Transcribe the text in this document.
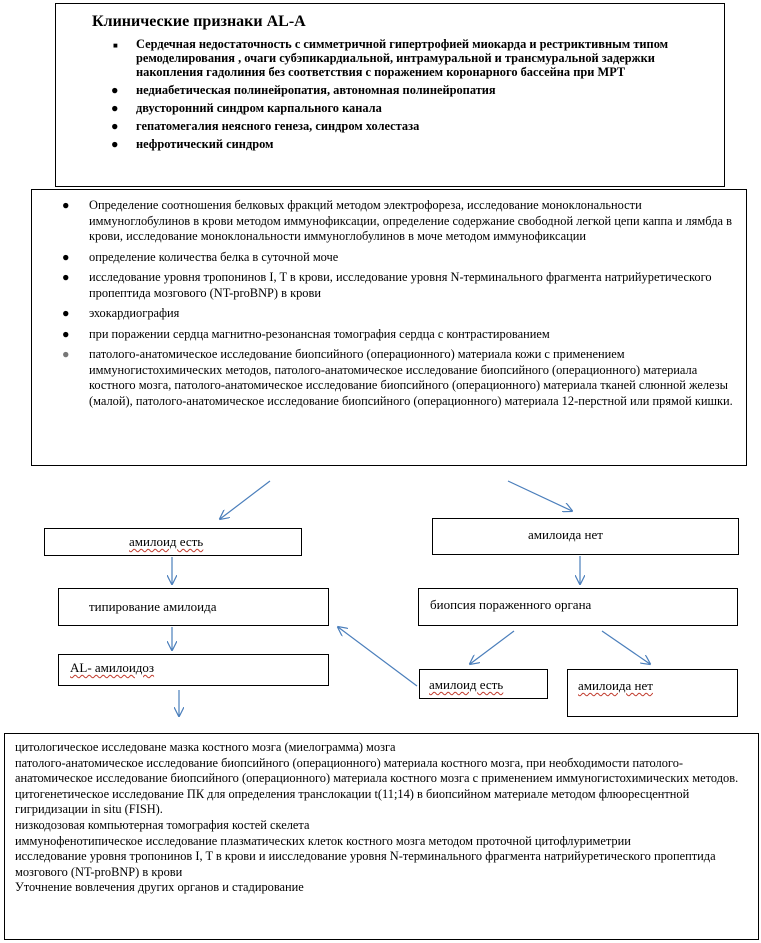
Клинические признаки AL-A
■ Сердечная недостаточность с симметричной гипертрофией миокарда и рестриктивным типом ремоделирования , очаги субэпикардиальной, интрамуральной и трансмуральной задержки накопления гадолиния без соответствия с поражением коронарного бассейна при МРТ
● недиабетическая полинейропатия, автономная полинейропатия
● двусторонний синдром карпального канала
● гепатомегалия неясного генеза, синдром холестаза
● нефротический синдром
● Определение соотношения белковых фракций методом электрофореза, исследование моноклональности иммуноглобулинов в крови методом иммунофиксации, определение содержание свободной легкой цепи каппа и лямбда в крови, исследование моноклональности иммуноглобулинов в моче методом иммунофиксации
● определение количества белка в суточной моче
● исследование уровня тропонинов I, T в крови, исследование уровня N-терминального фрагмента натрийуретического пропептида мозгового (NT-proBNP) в крови
● эхокардиография
● при поражении сердца магнитно-резонансная томография сердца с контрастированием
● патолого-анатомическое исследование биопсийного (операционного) материала кожи с применением иммуногистохимических методов, патолого-анатомическое исследование биопсийного (операционного) материала костного мозга, патолого-анатомическое исследование биопсийного (операционного) материала тканей слюнной железы (малой), патолого-анатомическое исследование биопсийного (операционного) материала 12-перстной или прямой кишки.
амилоид есть	амилоида нет
типирование амилоида	биопсия пораженного органа
AL- амилоидоз
амилоид есть	амилоида нет
цитологическое исследоване мазка костного мозга (миелограмма) мозга
патолого-анатомическое исследование биопсийного (операционного) материала костного мозга, при необходимости патолого-анатомическое исследование биопсийного (операционного) материала костного мозга с применением иммуногистохимических методов.
цитогенетическое исследование ПК для определения транслокации t(11;14) в биопсийном материале методом флюоресцентной гигридизации in situ (FISH).
низкодозовая компьютерная томография костей скелета
иммунофенотипическое исследование плазматических клеток костного мозга методом проточной цитофлуриметрии
исследование уровня тропонинов I, T в крови и иисследование уровня N-терминального фрагмента натрийуретического пропептида мозгового (NT-proBNP) в крови
Уточнение вовлечения других органов и стадирование
